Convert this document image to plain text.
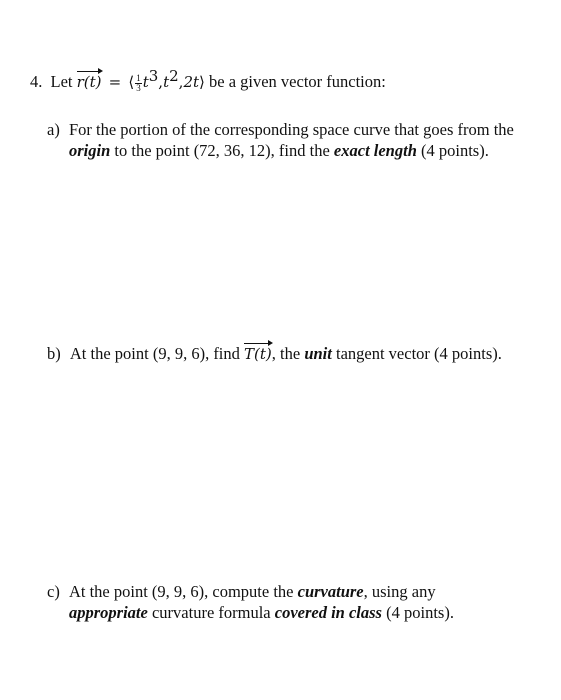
4. Let r(t) = ⟨ $\frac{1}{3}$ $t^3,t^2,2t⟩$ be a given vector function:
a) For the portion of the corresponding space curve that goes from the
origin to the point (72, 36, 12), find the exact length (4 points).
b) At the point (9, 9, 6), find T(t), the unit tangent vector (4 points).
c) At the point (9, 9, 6), compute the curvature, using any
appropriate curvature formula covered in class (4 points).
